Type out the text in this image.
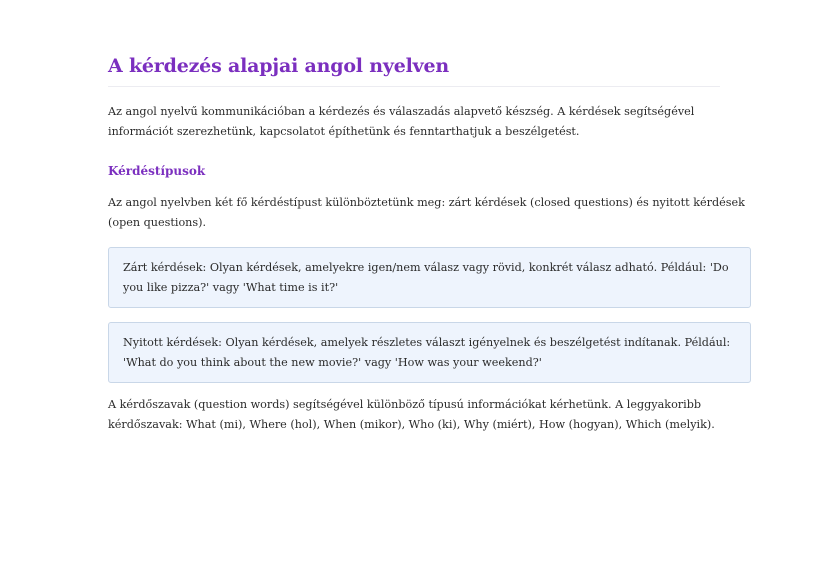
A kérdezés alapjai angol nyelven

Az angol nyelvű kommunikációban a kérdezés és válaszadás alapvető készség. A kérdések segítségével információt szerezhetünk, kapcsolatot építhetünk és fenntarthatjuk a beszélgetést.

Kérdéstípusok

Az angol nyelvben két fő kérdéstípust különböztetünk meg: zárt kérdések (closed questions) és nyitott kérdések (open questions).

Zárt kérdések: Olyan kérdések, amelyekre igen/nem válasz vagy rövid, konkrét válasz adható. Például: 'Do you like pizza?' vagy 'What time is it?'
Nyitott kérdések: Olyan kérdések, amelyek részletes választ igényelnek és beszélgetést indítanak. Például: 'What do you think about the new movie?' vagy 'How was your weekend?'

A kérdőszavak (question words) segítségével különböző típusú információkat kérhetünk. A leggyakoribb kérdőszavak: What (mi), Where (hol), When (mikor), Who (ki), Why (miért), How (hogyan), Which (melyik).
